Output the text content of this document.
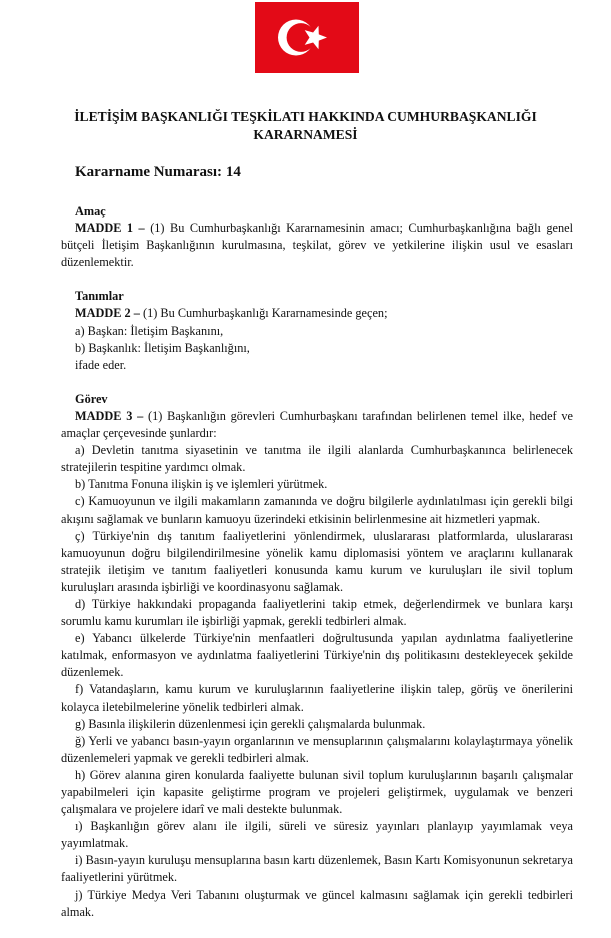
İLETİŞİM BAŞKANLIĞI TEŞKİLATI HAKKINDA CUMHURBAŞKANLIĞI
KARARNAMESİ

Kararname Numarası: 14

Amaç

MADDE 1 – (1) Bu Cumhurbaşkanlığı Kararnamesinin amacı; Cumhurbaşkanlığına bağlı genel bütçeli İletişim Başkanlığının kurulmasına, teşkilat, görev ve yetkilerine ilişkin usul ve esasları düzenlemektir.

Tanımlar

MADDE 2 – (1) Bu Cumhurbaşkanlığı Kararnamesinde geçen;

a) Başkan: İletişim Başkanını,

b) Başkanlık: İletişim Başkanlığını,

ifade eder.

Görev

MADDE 3 – (1) Başkanlığın görevleri Cumhurbaşkanı tarafından belirlenen temel ilke, hedef ve amaçlar çerçevesinde şunlardır:

a) Devletin tanıtma siyasetinin ve tanıtma ile ilgili alanlarda Cumhurbaşkanınca belirlenecek stratejilerin tespitine yardımcı olmak.

b) Tanıtma Fonuna ilişkin iş ve işlemleri yürütmek.

c) Kamuoyunun ve ilgili makamların zamanında ve doğru bilgilerle aydınlatılması için gerekli bilgi akışını sağlamak ve bunların kamuoyu üzerindeki etkisinin belirlenmesine ait hizmetleri yapmak.

ç) Türkiye'nin dış tanıtım faaliyetlerini yönlendirmek, uluslararası platformlarda, uluslararası kamuoyunun doğru bilgilendirilmesine yönelik kamu diplomasisi yöntem ve araçlarını kullanarak stratejik iletişim ve tanıtım faaliyetleri konusunda kamu kurum ve kuruluşları ile sivil toplum kuruluşları arasında işbirliği ve koordinasyonu sağlamak.

d) Türkiye hakkındaki propaganda faaliyetlerini takip etmek, değerlendirmek ve bunlara karşı sorumlu kamu kurumları ile işbirliği yapmak, gerekli tedbirleri almak.

e) Yabancı ülkelerde Türkiye'nin menfaatleri doğrultusunda yapılan aydınlatma faaliyetlerine katılmak, enformasyon ve aydınlatma faaliyetlerini Türkiye'nin dış politikasını destekleyecek şekilde düzenlemek.

f) Vatandaşların, kamu kurum ve kuruluşlarının faaliyetlerine ilişkin talep, görüş ve önerilerini kolayca iletebilmelerine yönelik tedbirleri almak.

g) Basınla ilişkilerin düzenlenmesi için gerekli çalışmalarda bulunmak.

ğ) Yerli ve yabancı basın-yayın organlarının ve mensuplarının çalışmalarını kolaylaştırmaya yönelik düzenlemeleri yapmak ve gerekli tedbirleri almak.

h) Görev alanına giren konularda faaliyette bulunan sivil toplum kuruluşlarının başarılı çalışmalar yapabilmeleri için kapasite geliştirme program ve projeleri geliştirmek, uygulamak ve benzeri çalışmalara ve projelere idarî ve mali destekte bulunmak.

ı) Başkanlığın görev alanı ile ilgili, süreli ve süresiz yayınları planlayıp yayımlamak veya yayımlatmak.

i) Basın-yayın kuruluşu mensuplarına basın kartı düzenlemek, Basın Kartı Komisyonunun sekretarya faaliyetlerini yürütmek.

j) Türkiye Medya Veri Tabanını oluşturmak ve güncel kalmasını sağlamak için gerekli tedbirleri almak.
